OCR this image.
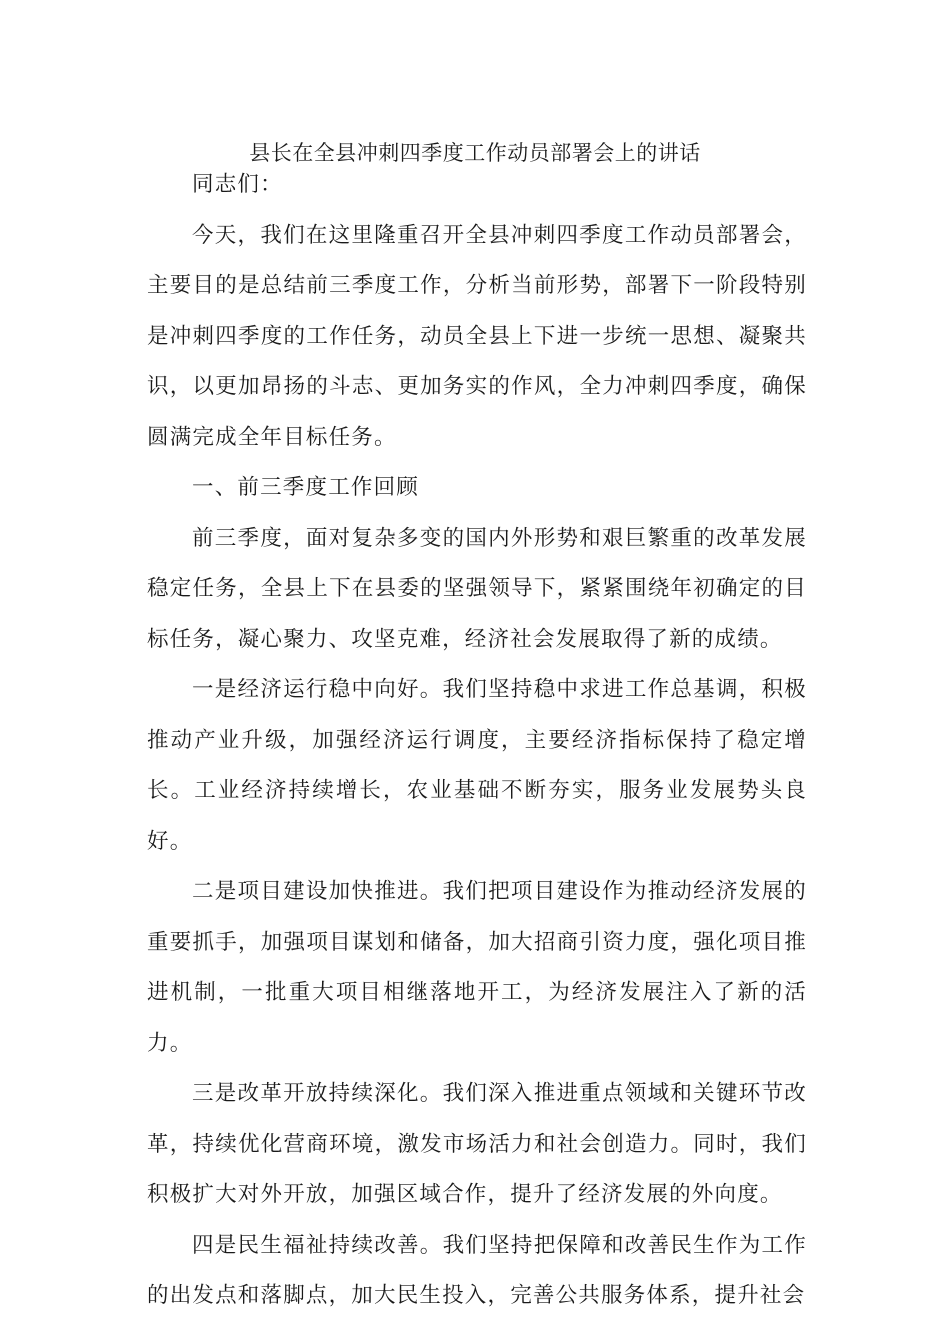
县长在全县冲刺四季度工作动员部署会上的讲话

同志们：

今天，我们在这里隆重召开全县冲刺四季度工作动员部署会，主要目的是总结前三季度工作，分析当前形势，部署下一阶段特别是冲刺四季度的工作任务，动员全县上下进一步统一思想、凝聚共识，以更加昂扬的斗志、更加务实的作风，全力冲刺四季度，确保圆满完成全年目标任务。

一、前三季度工作回顾

前三季度，面对复杂多变的国内外形势和艰巨繁重的改革发展稳定任务，全县上下在县委的坚强领导下，紧紧围绕年初确定的目标任务，凝心聚力、攻坚克难，经济社会发展取得了新的成绩。

一是经济运行稳中向好。我们坚持稳中求进工作总基调，积极推动产业升级，加强经济运行调度，主要经济指标保持了稳定增长。工业经济持续增长，农业基础不断夯实，服务业发展势头良好。

二是项目建设加快推进。我们把项目建设作为推动经济发展的重要抓手，加强项目谋划和储备，加大招商引资力度，强化项目推进机制，一批重大项目相继落地开工，为经济发展注入了新的活力。

三是改革开放持续深化。我们深入推进重点领域和关键环节改革，持续优化营商环境，激发市场活力和社会创造力。同时，我们积极扩大对外开放，加强区域合作，提升了经济发展的外向度。

四是民生福祉持续改善。我们坚持把保障和改善民生作为工作的出发点和落脚点，加大民生投入，完善公共服务体系，提升社会
